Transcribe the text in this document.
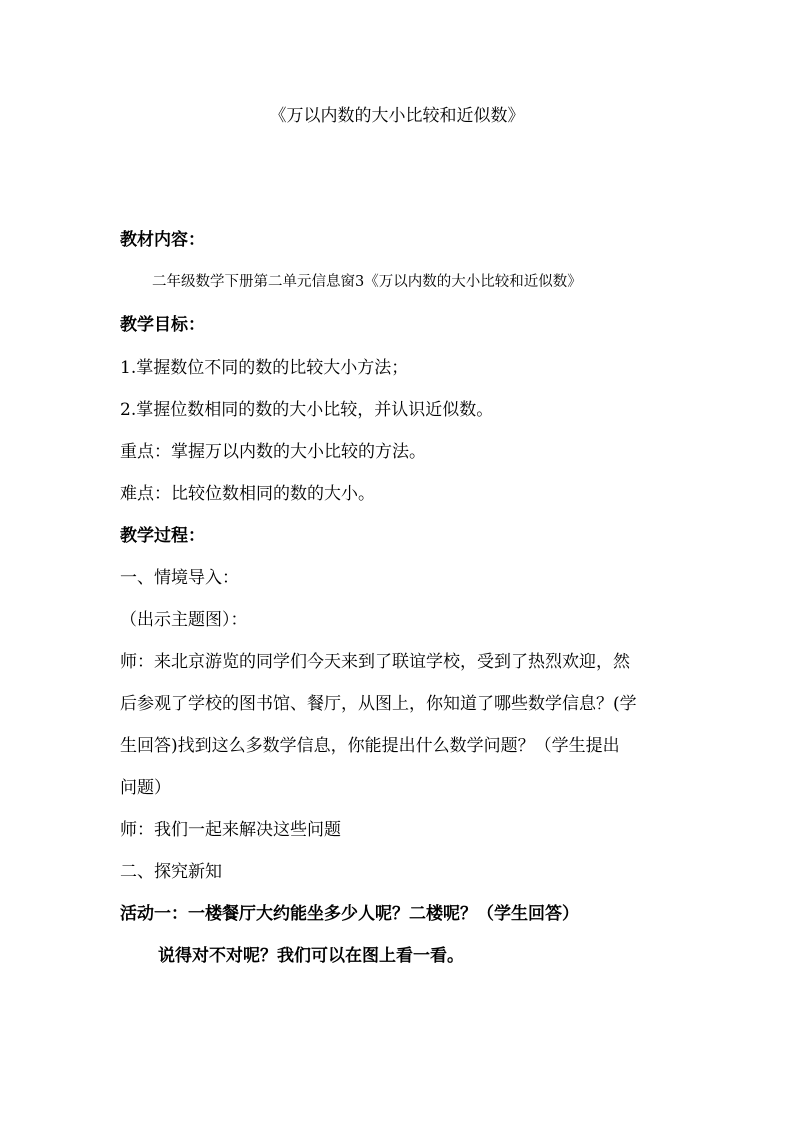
《万以内数的大小比较和近似数》
教材内容：
二年级数学下册第二单元信息窗3《万以内数的大小比较和近似数》
教学目标：
1.掌握数位不同的数的比较大小方法；
2.掌握位数相同的数的大小比较，并认识近似数。
重点：掌握万以内数的大小比较的方法。
难点：比较位数相同的数的大小。
教学过程：
一、情境导入：
（出示主题图）：
师：来北京游览的同学们今天来到了联谊学校，受到了热烈欢迎，然
后参观了学校的图书馆、餐厅，从图上，你知道了哪些数学信息？(学
生回答)找到这么多数学信息，你能提出什么数学问题？（学生提出
问题）
师：我们一起来解决这些问题
二、探究新知
活动一：一楼餐厅大约能坐多少人呢？二楼呢？（学生回答）
说得对不对呢？我们可以在图上看一看。
